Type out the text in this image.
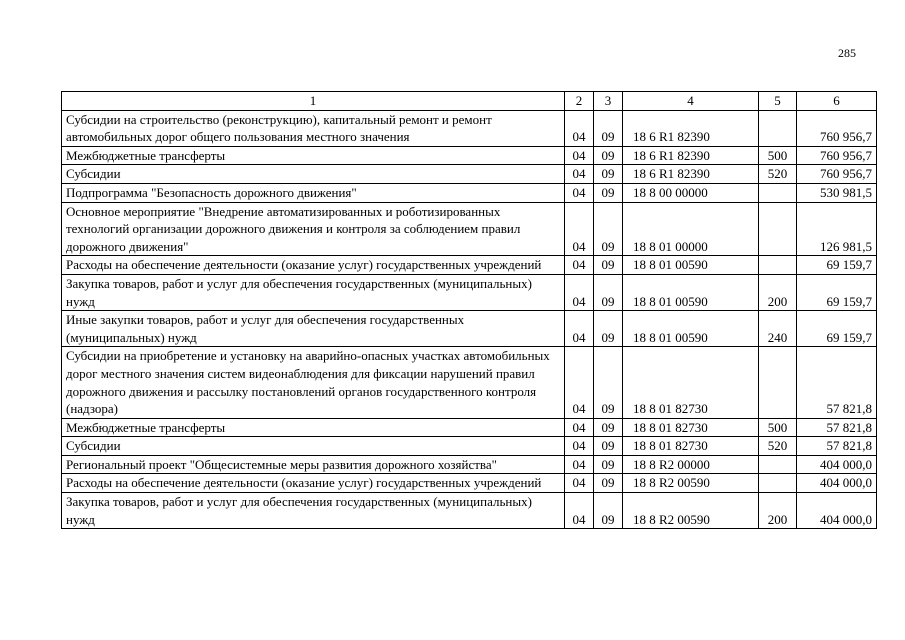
285
1	2	3	4	5	6
Субсидии на строительство (реконструкцию), капитальный ремонт и ремонт автомобильных дорог общего пользования местного значения	04	09	18 6 R1 82390		760 956,7
Межбюджетные трансферты	04	09	18 6 R1 82390	500	760 956,7
Субсидии	04	09	18 6 R1 82390	520	760 956,7
Подпрограмма "Безопасность дорожного движения"	04	09	18 8 00 00000		530 981,5
Основное мероприятие "Внедрение автоматизированных и роботизированных технологий организации дорожного движения и контроля за соблюдением правил дорожного движения"	04	09	18 8 01 00000		126 981,5
Расходы на обеспечение деятельности (оказание услуг) государственных учреждений	04	09	18 8 01 00590		69 159,7
Закупка товаров, работ и услуг для обеспечения государственных (муниципальных) нужд	04	09	18 8 01 00590	200	69 159,7
Иные закупки товаров, работ и услуг для обеспечения государственных (муниципальных) нужд	04	09	18 8 01 00590	240	69 159,7
Субсидии на приобретение и установку на аварийно-опасных участках автомобильных дорог местного значения систем видеонаблюдения для фиксации нарушений правил дорожного движения и рассылку постановлений органов государственного контроля (надзора)	04	09	18 8 01 82730		57 821,8
Межбюджетные трансферты	04	09	18 8 01 82730	500	57 821,8
Субсидии	04	09	18 8 01 82730	520	57 821,8
Региональный проект "Общесистемные меры развития дорожного хозяйства"	04	09	18 8 R2 00000		404 000,0
Расходы на обеспечение деятельности (оказание услуг) государственных учреждений	04	09	18 8 R2 00590		404 000,0
Закупка товаров, работ и услуг для обеспечения государственных (муниципальных) нужд	04	09	18 8 R2 00590	200	404 000,0
